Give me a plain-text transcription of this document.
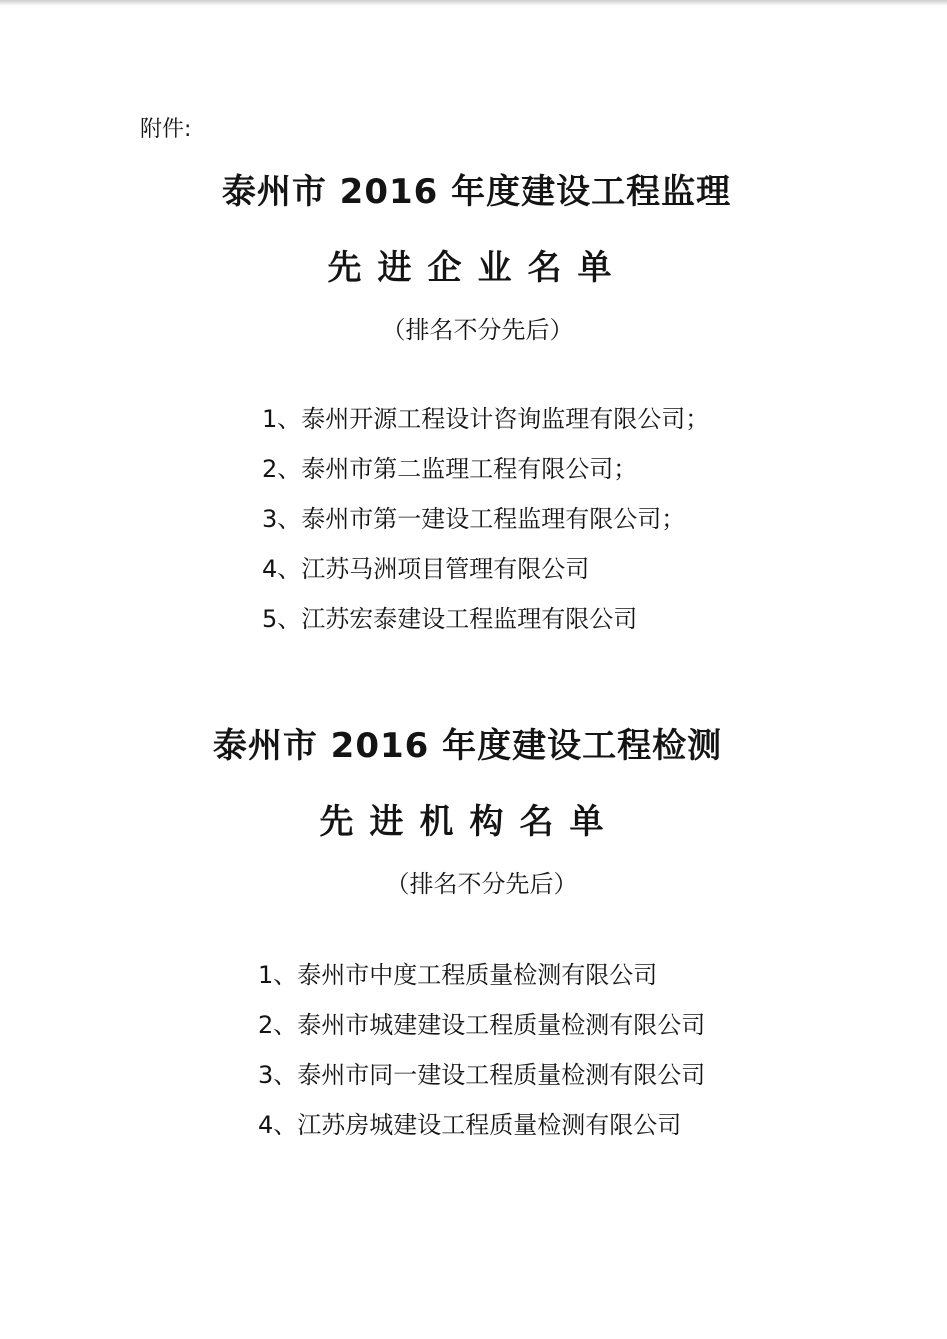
附件:
泰州市 2016 年度建设工程监理
先进企业名单
（排名不分先后）
1、泰州开源工程设计咨询监理有限公司；
2、泰州市第二监理工程有限公司；
3、泰州市第一建设工程监理有限公司；
4、江苏马洲项目管理有限公司
5、江苏宏泰建设工程监理有限公司
泰州市 2016 年度建设工程检测
先进机构名单
（排名不分先后）
1、泰州市中度工程质量检测有限公司
2、泰州市城建建设工程质量检测有限公司
3、泰州市同一建设工程质量检测有限公司
4、江苏房城建设工程质量检测有限公司
